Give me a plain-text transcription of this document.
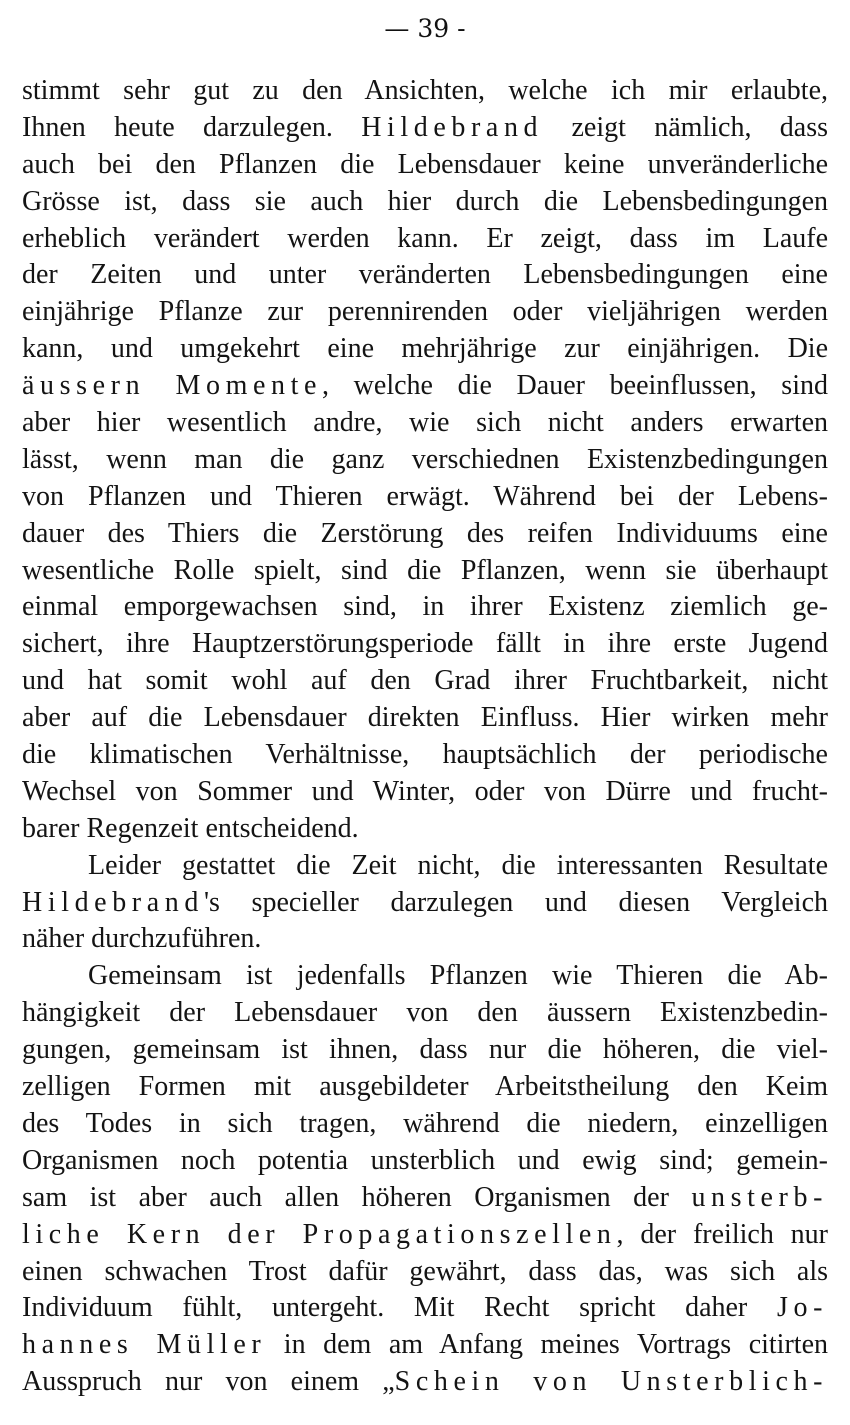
— 39 -
stimmt sehr gut zu den Ansichten, welche ich mir erlaubte,
Ihnen heute darzulegen. Hildebrand zeigt nämlich, dass
auch bei den Pflanzen die Lebensdauer keine unveränderliche
Grösse ist, dass sie auch hier durch die Lebensbedingungen
erheblich verändert werden kann. Er zeigt, dass im Laufe
der Zeiten und unter veränderten Lebensbedingungen eine
einjährige Pflanze zur perennirenden oder vieljährigen werden
kann, und umgekehrt eine mehrjährige zur einjährigen. Die
äussern Momente, welche die Dauer beeinflussen, sind
aber hier wesentlich andre, wie sich nicht anders erwarten
lässt, wenn man die ganz verschiednen Existenzbedingungen
von Pflanzen und Thieren erwägt. Während bei der Lebens-
dauer des Thiers die Zerstörung des reifen Individuums eine
wesentliche Rolle spielt, sind die Pflanzen, wenn sie überhaupt
einmal emporgewachsen sind, in ihrer Existenz ziemlich ge-
sichert, ihre Hauptzerstörungsperiode fällt in ihre erste Jugend
und hat somit wohl auf den Grad ihrer Fruchtbarkeit, nicht
aber auf die Lebensdauer direkten Einfluss. Hier wirken mehr
die klimatischen Verhältnisse, hauptsächlich der periodische
Wechsel von Sommer und Winter, oder von Dürre und frucht-
barer Regenzeit entscheidend.
Leider gestattet die Zeit nicht, die interessanten Resultate
Hildebrand's specieller darzulegen und diesen Vergleich
näher durchzuführen.
Gemeinsam ist jedenfalls Pflanzen wie Thieren die Ab-
hängigkeit der Lebensdauer von den äussern Existenzbedin-
gungen, gemeinsam ist ihnen, dass nur die höheren, die viel-
zelligen Formen mit ausgebildeter Arbeitstheilung den Keim
des Todes in sich tragen, während die niedern, einzelligen
Organismen noch potentia unsterblich und ewig sind; gemein-
sam ist aber auch allen höheren Organismen der unsterb-
liche Kern der Propagationszellen, der freilich nur
einen schwachen Trost dafür gewährt, dass das, was sich als
Individuum fühlt, untergeht. Mit Recht spricht daher Jo-
hannes Müller in dem am Anfang meines Vortrags citirten
Ausspruch nur von einem „Schein von Unsterblich-
